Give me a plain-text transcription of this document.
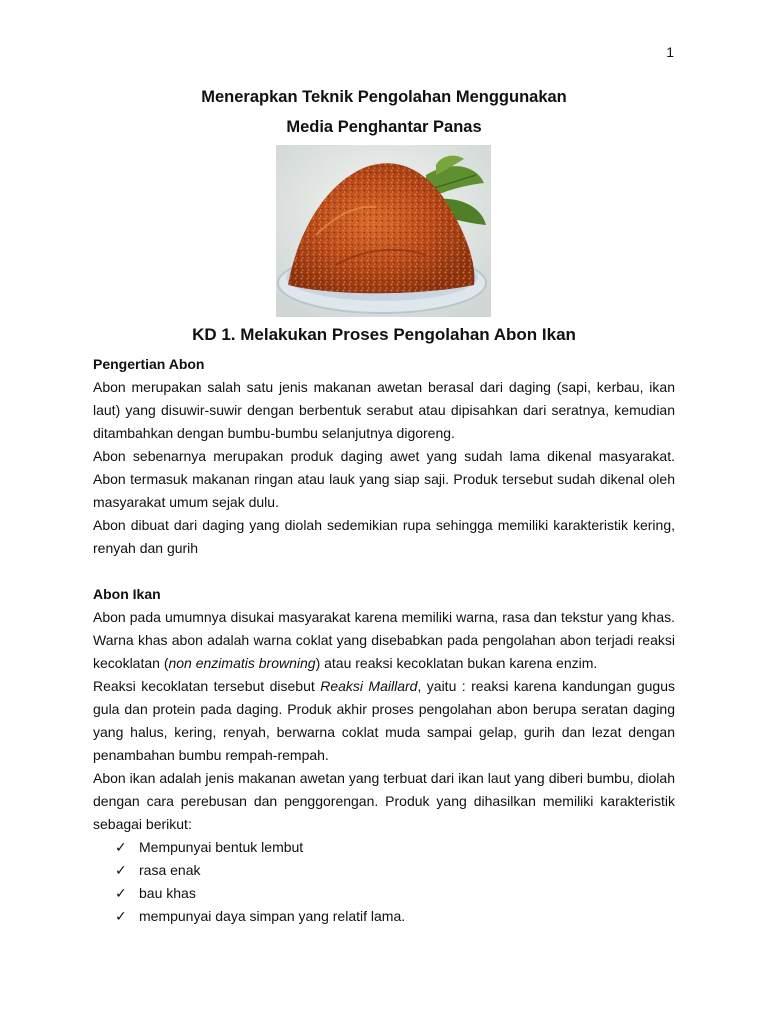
1
Menerapkan Teknik Pengolahan Menggunakan
Media Penghantar Panas
KD 1. Melakukan Proses Pengolahan Abon Ikan
Pengertian Abon

Abon merupakan salah satu jenis makanan awetan berasal dari daging (sapi, kerbau, ikan laut) yang disuwir-suwir dengan berbentuk serabut atau dipisahkan dari seratnya, kemudian ditambahkan dengan bumbu-bumbu selanjutnya digoreng.

Abon sebenarnya merupakan produk daging awet yang sudah lama dikenal masyarakat. Abon termasuk makanan ringan atau lauk yang siap saji. Produk tersebut sudah dikenal oleh masyarakat umum sejak dulu.

Abon dibuat dari daging yang diolah sedemikian rupa sehingga memiliki karakteristik kering, renyah dan gurih

Abon Ikan

Abon pada umumnya disukai masyarakat karena memiliki warna, rasa dan tekstur yang khas. Warna khas abon adalah warna coklat yang disebabkan pada pengolahan abon terjadi reaksi kecoklatan (non enzimatis browning) atau reaksi kecoklatan bukan karena enzim.

Reaksi kecoklatan tersebut disebut Reaksi Maillard, yaitu : reaksi karena kandungan gugus gula dan protein pada daging. Produk akhir proses pengolahan abon berupa seratan daging yang halus, kering, renyah, berwarna coklat muda sampai gelap, gurih dan lezat dengan penambahan bumbu rempah-rempah.

Abon ikan adalah jenis makanan awetan yang terbuat dari ikan laut yang diberi bumbu, diolah dengan cara perebusan dan penggorengan. Produk yang dihasilkan memiliki karakteristik sebagai berikut:

✓ Mempunyai bentuk lembut
✓ rasa enak
✓ bau khas
✓ mempunyai daya simpan yang relatif lama.
